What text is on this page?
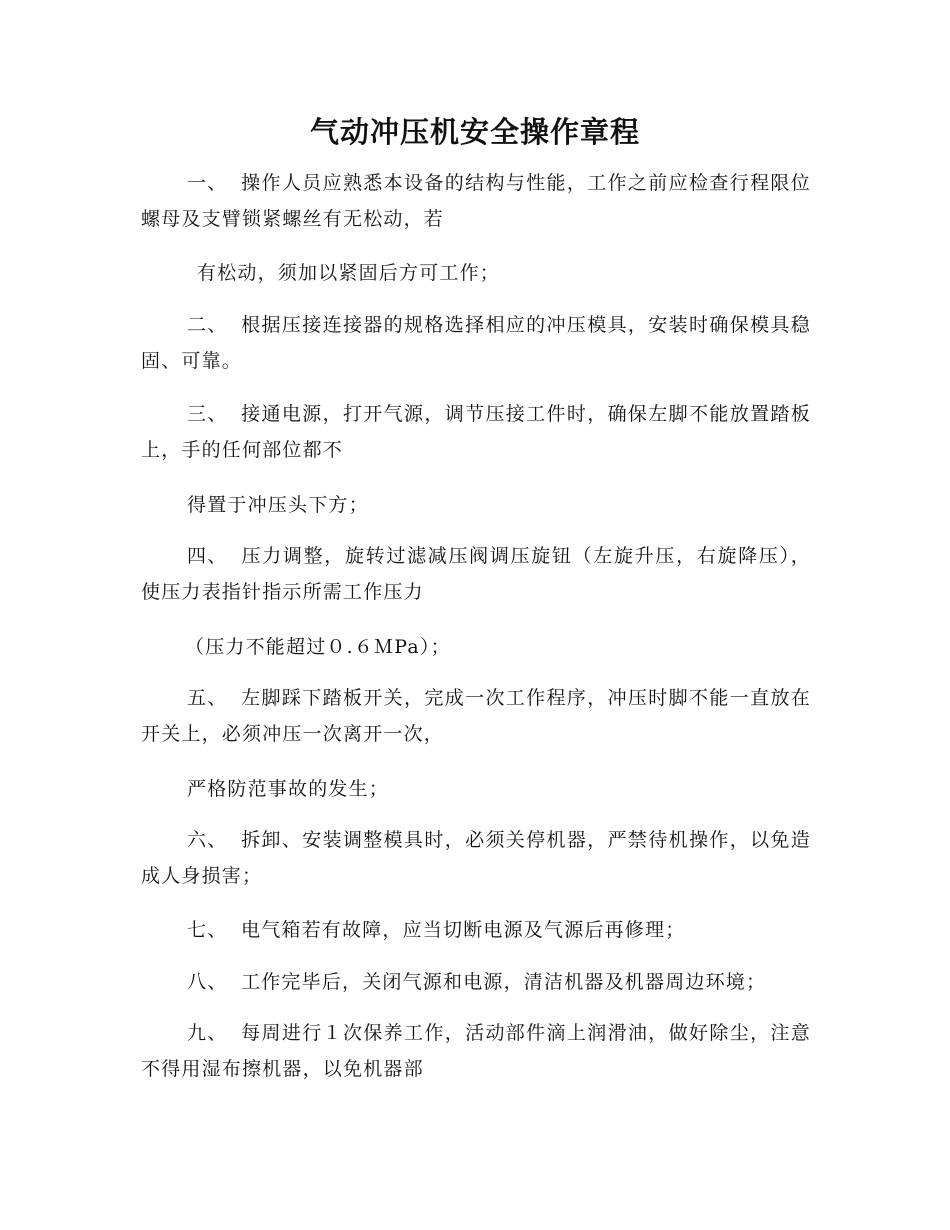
气动冲压机安全操作章程

一、 操作人员应熟悉本设备的结构与性能，工作之前应检查行程限位螺母及支臂锁紧螺丝有无松动，若

有松动，须加以紧固后方可工作；

二、 根据压接连接器的规格选择相应的冲压模具，安装时确保模具稳固、可靠。

三、 接通电源，打开气源，调节压接工件时，确保左脚不能放置踏板上，手的任何部位都不

得置于冲压头下方；

四、 压力调整，旋转过滤减压阀调压旋钮（左旋升压，右旋降压），使压力表指针指示所需工作压力

（压力不能超过０.６ＭPa）；

五、 左脚踩下踏板开关，完成一次工作程序，冲压时脚不能一直放在开关上，必须冲压一次离开一次，

严格防范事故的发生；

六、 拆卸、安装调整模具时，必须关停机器，严禁待机操作，以免造成人身损害；

七、 电气箱若有故障，应当切断电源及气源后再修理；

八、 工作完毕后，关闭气源和电源，清洁机器及机器周边环境；

九、 每周进行１次保养工作，活动部件滴上润滑油，做好除尘，注意不得用湿布擦机器，以免机器部
